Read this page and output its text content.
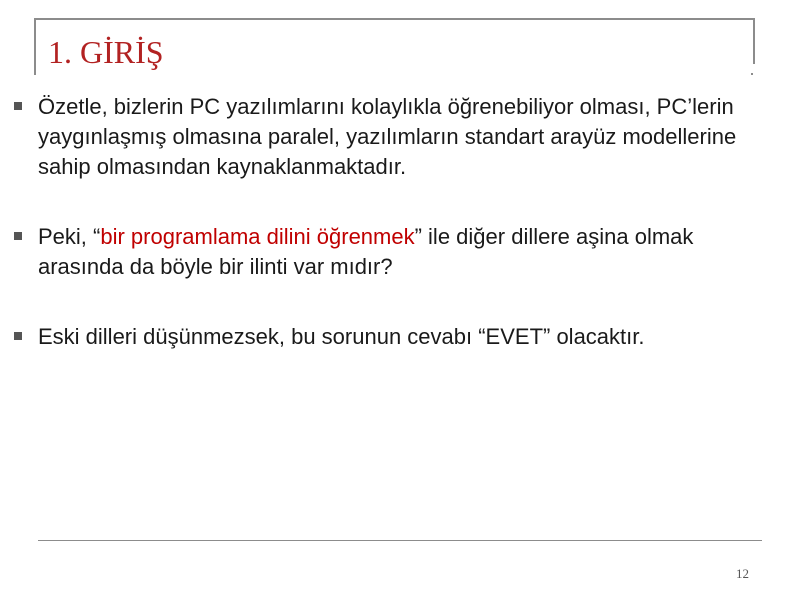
1. GİRİŞ
Özetle, bizlerin PC yazılımlarını kolaylıkla öğrenebiliyor olması, PC’lerin yaygınlaşmış olmasına paralel, yazılımların standart arayüz modellerine sahip olmasından kaynaklanmaktadır.
Peki, “bir programlama dilini öğrenmek” ile diğer dillere aşina olmak arasında da böyle bir ilinti var mıdır?
Eski dilleri düşünmezsek, bu sorunun cevabı “EVET” olacaktır.
12
